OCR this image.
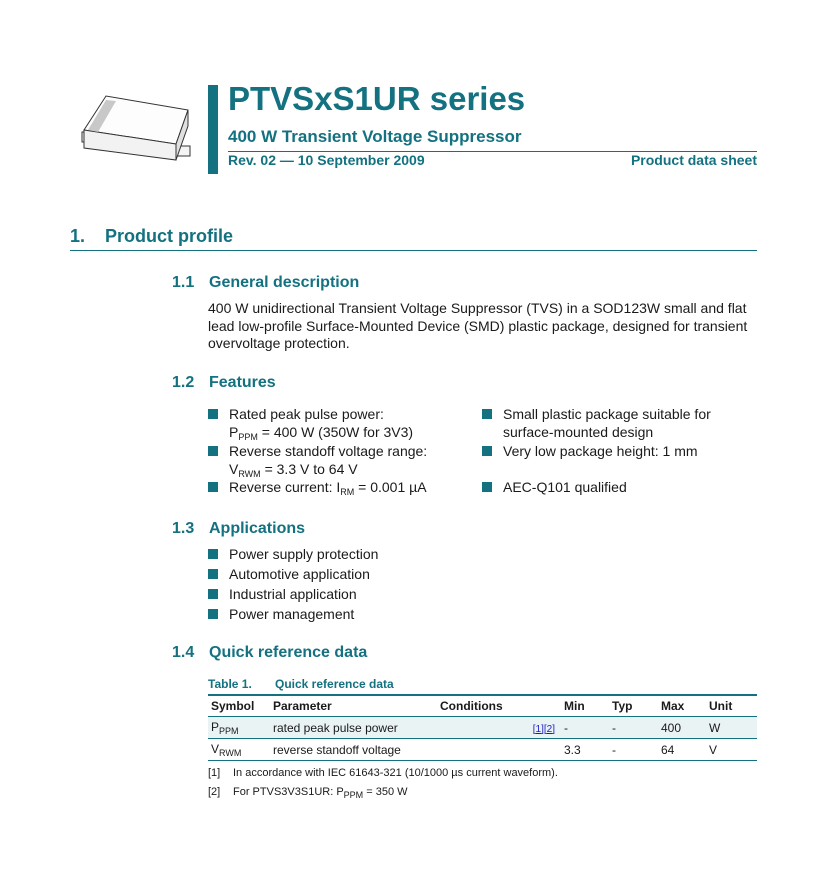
PTVSxS1UR series
400 W Transient Voltage Suppressor
Rev. 02 — 10 September 2009	Product data sheet
1. Product profile
1.1 General description
400 W unidirectional Transient Voltage Suppressor (TVS) in a SOD123W small and flat lead low-profile Surface-Mounted Device (SMD) plastic package, designed for transient overvoltage protection.
1.2 Features
Rated peak pulse power:
$P_{PPM} = 400$ W (350W for 3V3)
Reverse standoff voltage range:
$V_{RWM} = 3.3$ V to 64 V
Reverse current: $I_{RM} = 0.001$ µA
Small plastic package suitable for
surface-mounted design
Very low package height: 1 mm
AEC-Q101 qualified
1.3 Applications
Power supply protection
Automotive application
Industrial application
Power management
1.4 Quick reference data
Table 1. Quick reference data
Symbol	Parameter	Conditions	Min	Typ	Max	Unit
$P_{PPM}$	rated peak pulse power	[1][2]	-	-	400	W
$V_{RWM}$	reverse standoff voltage		3.3	-	64	V
[1] In accordance with IEC 61643-321 (10/1000 µs current waveform).
[2] For PTVS3V3S1UR: $P_{PPM} = 350$ W
